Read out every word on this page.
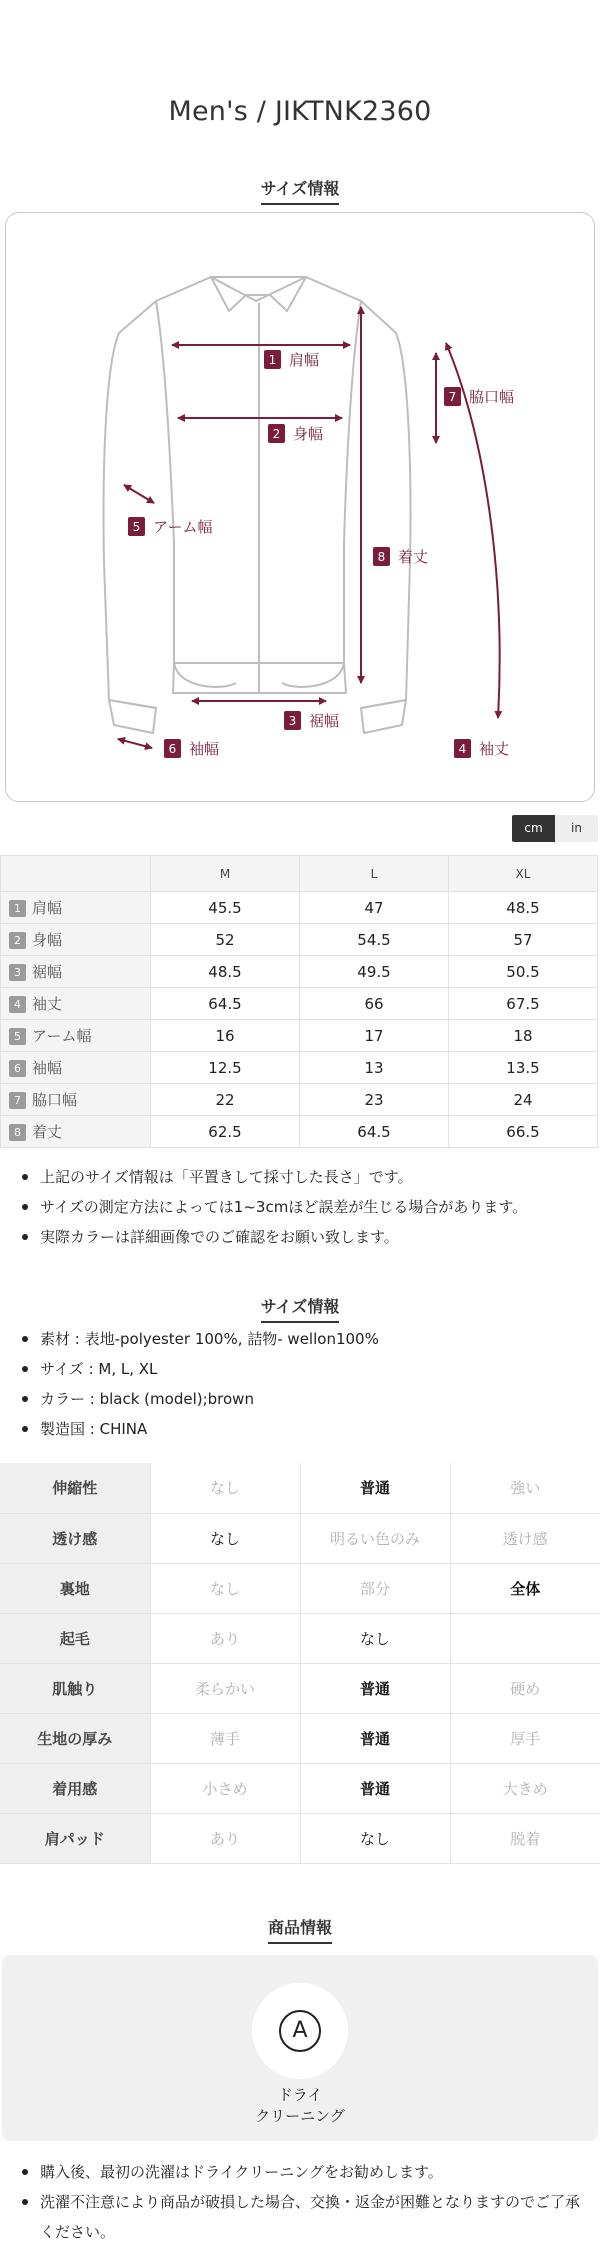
Men's / JIKTNK2360
サイズ情報
1 肩幅
2 身幅
3 裾幅
4 袖丈
5 アーム幅
6 袖幅
7 脇口幅
8 着丈
cm	in
	M	L	XL
1 肩幅	45.5	47	48.5
2 身幅	52	54.5	57
3 裾幅	48.5	49.5	50.5
4 袖丈	64.5	66	67.5
5 アーム幅	16	17	18
6 袖幅	12.5	13	13.5
7 脇口幅	22	23	24
8 着丈	62.5	64.5	66.5
上記のサイズ情報は「平置きして採寸した長さ」です。
サイズの測定方法によっては1~3cmほど誤差が生じる場合があります。
実際カラーは詳細画像でのご確認をお願い致します。
サイズ情報
素材 : 表地-polyester 100%, 詰物- wellon100%
サイズ : M, L, XL
カラー : black (model);brown
製造国 : CHINA
伸縮性	なし	普通	強い
透け感	なし	明るい色のみ	透け感
裏地	なし	部分	全体
起毛	あり	なし	
肌触り	柔らかい	普通	硬め
生地の厚み	薄手	普通	厚手
着用感	小さめ	普通	大きめ
肩パッド	あり	なし	脱着
商品情報
A
ドライ
クリーニング
購入後、最初の洗濯はドライクリーニングをお勧めします。
洗濯不注意により商品が破損した場合、交換・返金が困難となりますのでご了承ください。
